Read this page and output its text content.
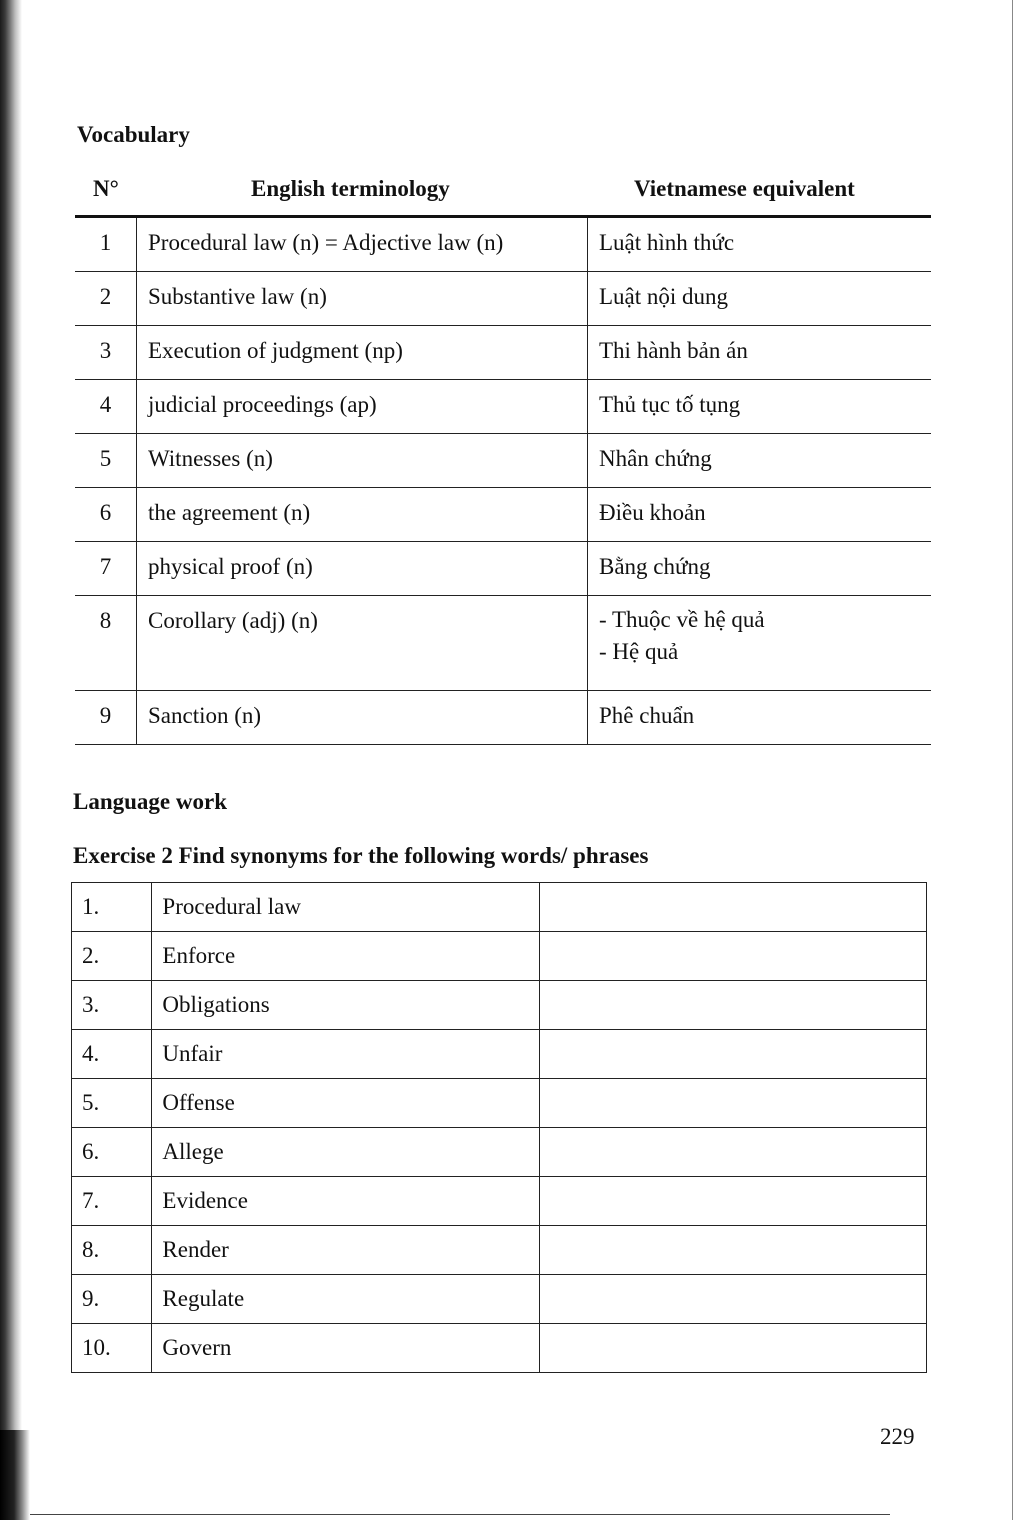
Vocabulary
N°	English terminology	Vietnamese equivalent
1	Procedural law (n) = Adjective law (n)	Luật hình thức
2	Substantive law (n)	Luật nội dung
3	Execution of judgment (np)	Thi hành bản án
4	judicial proceedings (ap)	Thủ tục tố tụng
5	Witnesses (n)	Nhân chứng
6	the agreement (n)	Điều khoản
7	physical proof (n)	Bằng chứng
8	Corollary (adj) (n)	- Thuộc về hệ quả
- Hệ quả

9	Sanction (n)	Phê chuẩn
Language work
Exercise 2 Find synonyms for the following words/ phrases
1.	Procedural law	
2.	Enforce	
3.	Obligations	
4.	Unfair	
5.	Offense	
6.	Allege	
7.	Evidence	
8.	Render	
9.	Regulate	
10.	Govern	
229
